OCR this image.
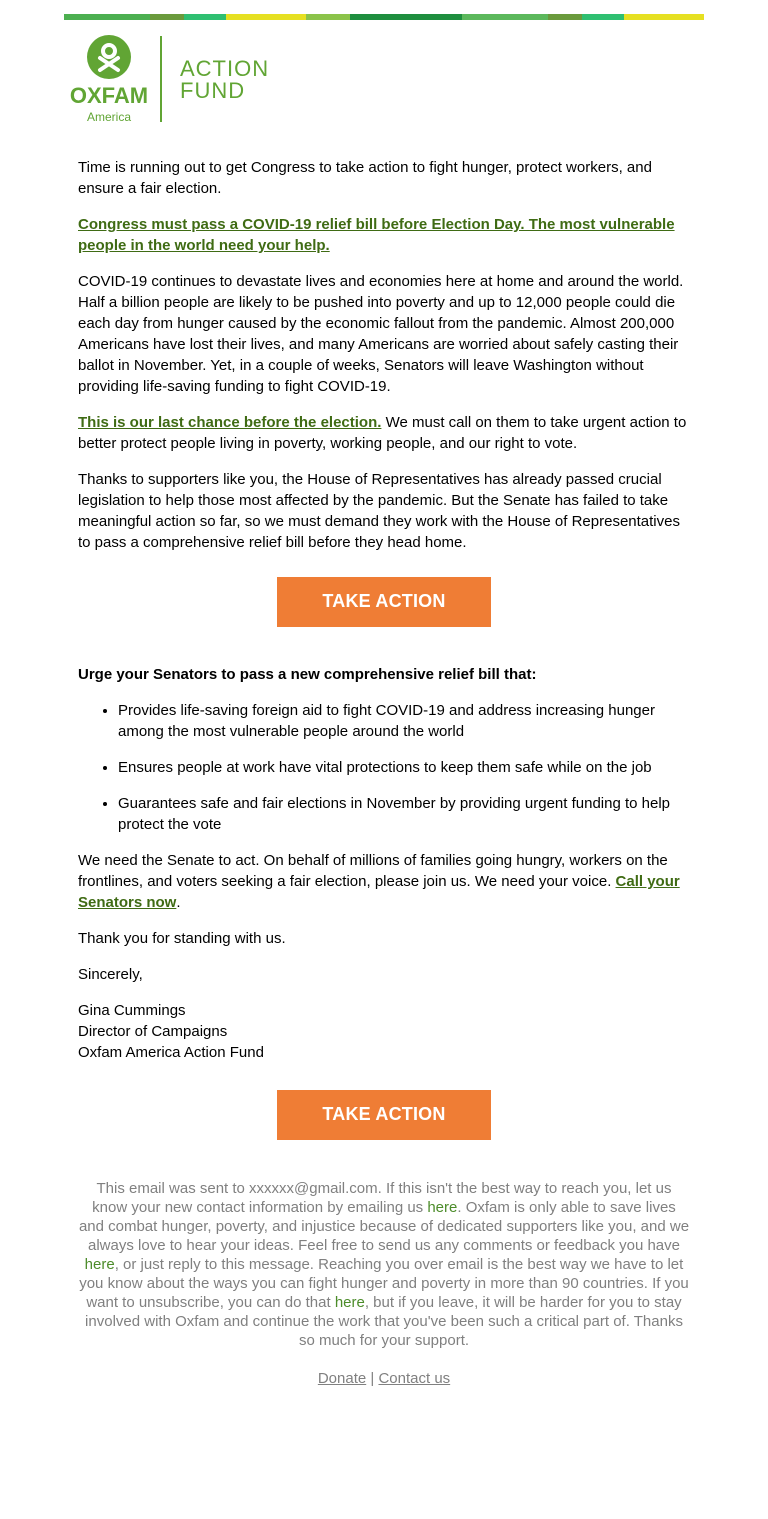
OXFAM
America
ACTION
FUND

Time is running out to get Congress to take action to fight hunger, protect workers, and ensure a fair election.

Congress must pass a COVID-19 relief bill before Election Day. The most vulnerable people in the world need your help.

COVID-19 continues to devastate lives and economies here at home and around the world. Half a billion people are likely to be pushed into poverty and up to 12,000 people could die each day from hunger caused by the economic fallout from the pandemic. Almost 200,000 Americans have lost their lives, and many Americans are worried about safely casting their ballot in November. Yet, in a couple of weeks, Senators will leave Washington without providing life-saving funding to fight COVID-19.

This is our last chance before the election. We must call on them to take urgent action to better protect people living in poverty, working people, and our right to vote.

Thanks to supporters like you, the House of Representatives has already passed crucial legislation to help those most affected by the pandemic. But the Senate has failed to take meaningful action so far, so we must demand they work with the House of Representatives to pass a comprehensive relief bill before they head home.

TAKE ACTION

Urge your Senators to pass a new comprehensive relief bill that:

• Provides life-saving foreign aid to fight COVID-19 and address increasing hunger among the most vulnerable people around the world
• Ensures people at work have vital protections to keep them safe while on the job
• Guarantees safe and fair elections in November by providing urgent funding to help protect the vote

We need the Senate to act. On behalf of millions of families going hungry, workers on the frontlines, and voters seeking a fair election, please join us. We need your voice. Call your Senators now.

Thank you for standing with us.

Sincerely,

Gina Cummings
Director of Campaigns
Oxfam America Action Fund

TAKE ACTION

This email was sent to xxxxxx@gmail.com. If this isn't the best way to reach you, let us know your new contact information by emailing us here. Oxfam is only able to save lives and combat hunger, poverty, and injustice because of dedicated supporters like you, and we always love to hear your ideas. Feel free to send us any comments or feedback you have here, or just reply to this message. Reaching you over email is the best way we have to let you know about the ways you can fight hunger and poverty in more than 90 countries. If you want to unsubscribe, you can do that here, but if you leave, it will be harder for you to stay involved with Oxfam and continue the work that you've been such a critical part of. Thanks so much for your support.

Donate | Contact us
